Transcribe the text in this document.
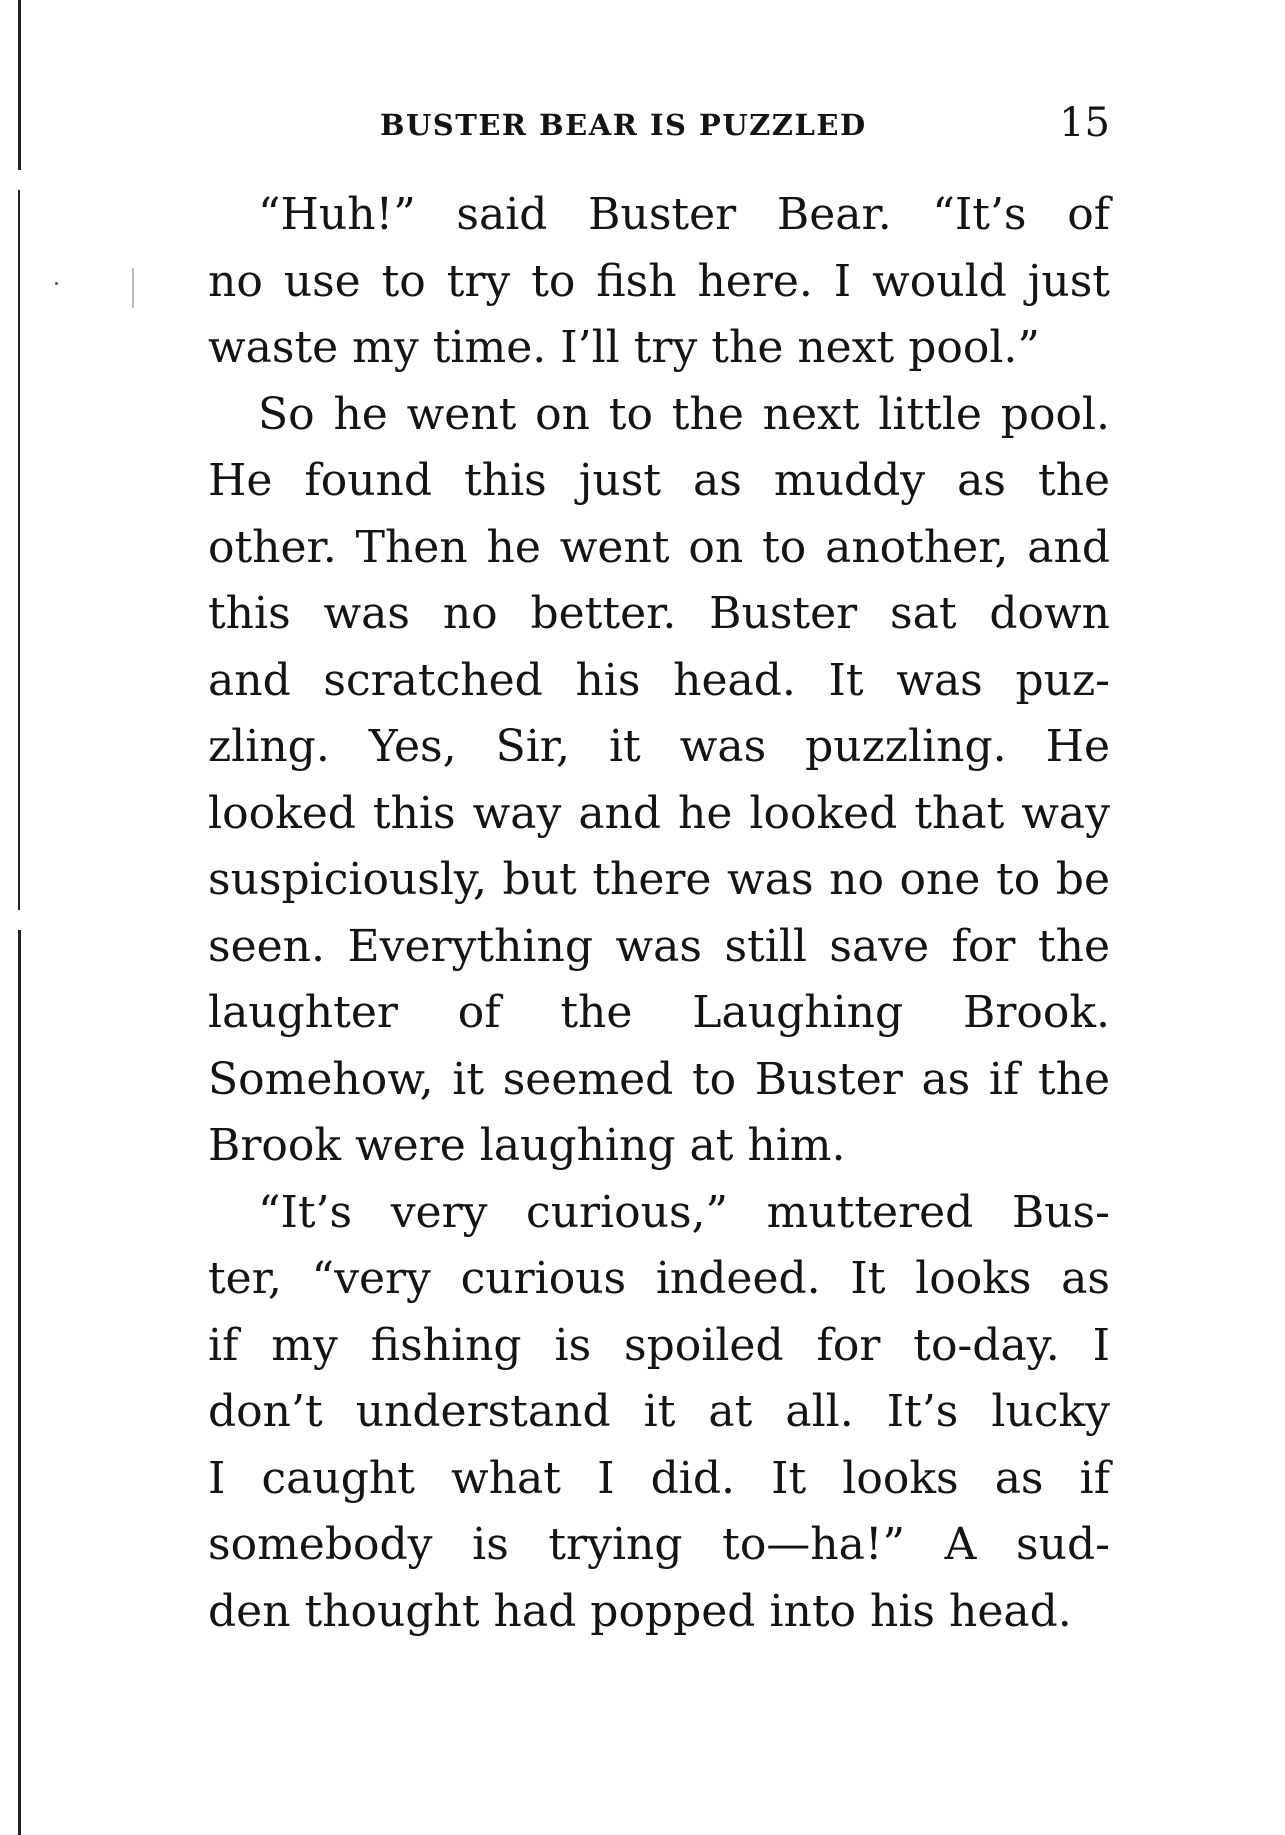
BUSTER BEAR IS PUZZLED	15

“Huh!” said Buster Bear. “It’s of
no use to try to fish here. I would just
waste my time. I’ll try the next pool.”

So he went on to the next little pool.
He found this just as muddy as the
other. Then he went on to another, and
this was no better. Buster sat down
and scratched his head. It was puz-
zling. Yes, Sir, it was puzzling. He
looked this way and he looked that way
suspiciously, but there was no one to be
seen. Everything was still save for the
laughter of the Laughing Brook.
Somehow, it seemed to Buster as if the
Brook were laughing at him.

“It’s very curious,” muttered Bus-
ter, “very curious indeed. It looks as
if my fishing is spoiled for to-day. I
don’t understand it at all. It’s lucky
I caught what I did. It looks as if
somebody is trying to—ha!” A sud-
den thought had popped into his head.
